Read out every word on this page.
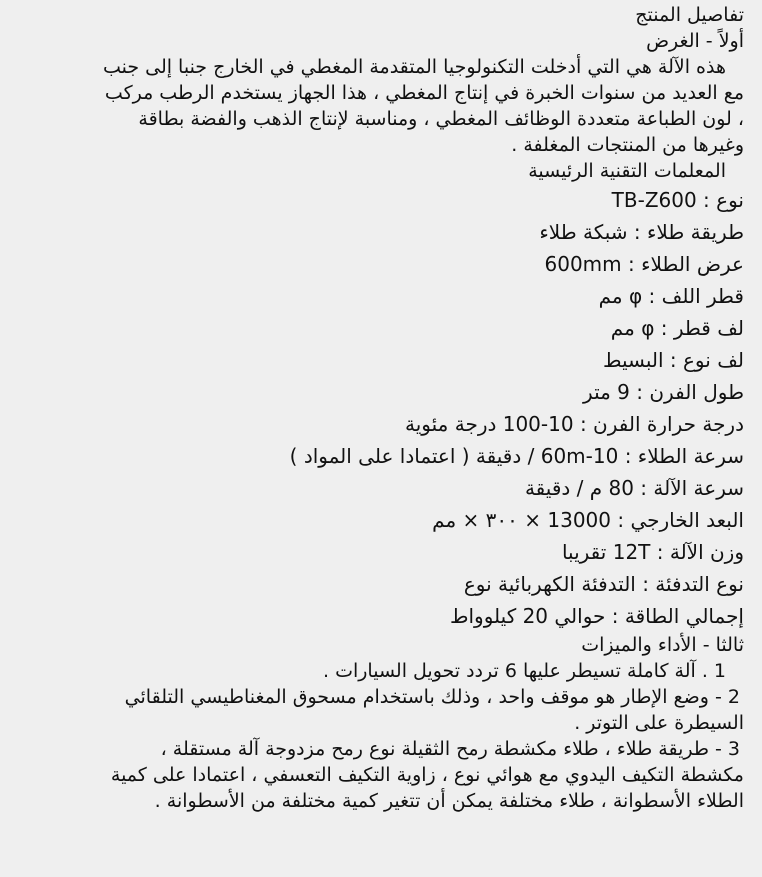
تفاصيل المنتج
أولاً - الغرض
هذه الآلة هي التي أدخلت التكنولوجيا المتقدمة المغطي في الخارج جنبا إلى جنب
مع العديد من سنوات الخبرة في إنتاج المغطي ، هذا الجهاز يستخدم الرطب مركب
، لون الطباعة متعددة الوظائف المغطي ، ومناسبة لإنتاج الذهب والفضة بطاقة
وغيرها من المنتجات المغلفة .
المعلمات التقنية الرئيسية
نوع : TB-Z600
طريقة طلاء : شبكة طلاء
عرض الطلاء : 600mm
قطر اللف : φ مم
لف قطر : φ مم
لف نوع : البسيط
طول الفرن : 9 متر
درجة حرارة الفرن : 10-100 درجة مئوية
سرعة الطلاء : 10-60m / دقيقة ( اعتمادا على المواد )
سرعة الآلة : 80 م / دقيقة
البعد الخارجي : 13000 × ٣٠٠ × مم
وزن الآلة : 12T تقريبا
نوع التدفئة : التدفئة الكهربائية نوع
إجمالي الطاقة : حوالي 20 كيلوواط
ثالثا - الأداء والميزات
1 . آلة كاملة تسيطر عليها 6 تردد تحويل السيارات .
2 - وضع الإطار هو موقف واحد ، وذلك باستخدام مسحوق المغناطيسي التلقائي
السيطرة على التوتر .
3 - طريقة طلاء ، طلاء مكشطة رمح الثقيلة نوع رمح مزدوجة آلة مستقلة ،
مكشطة التكيف اليدوي مع هوائي نوع ، زاوية التكيف التعسفي ، اعتمادا على كمية
الطلاء الأسطوانة ، طلاء مختلفة يمكن أن تتغير كمية مختلفة من الأسطوانة .
